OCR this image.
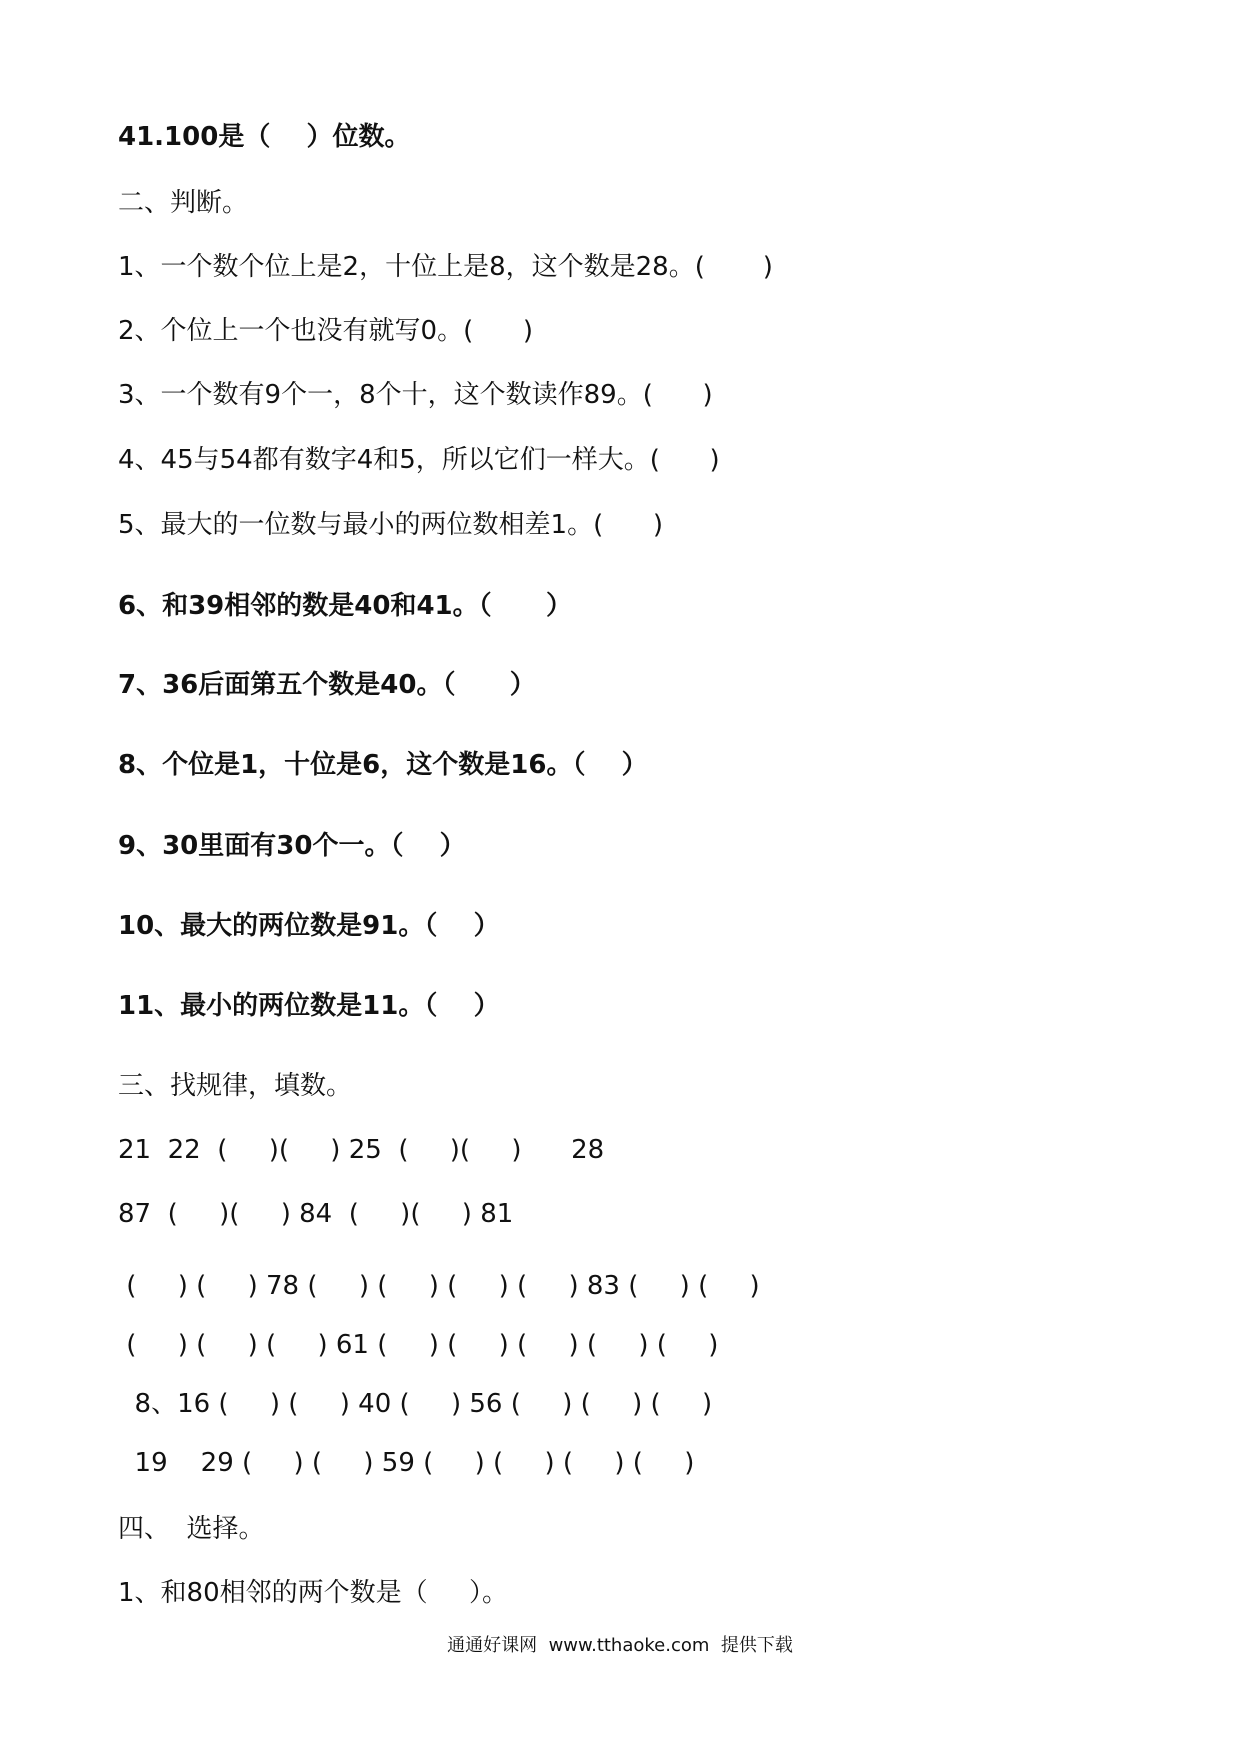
41.100是（    ）位数。
二、判断。
1、一个数个位上是2，十位上是8，这个数是28。(       )
2、个位上一个也没有就写0。(      )
3、一个数有9个一，8个十，这个数读作89。(      )
4、45与54都有数字4和5，所以它们一样大。(      )
5、最大的一位数与最小的两位数相差1。(      )
6、和39相邻的数是40和41。（      ）
7、36后面第五个数是40。（      ）
8、个位是1，十位是6，这个数是16。（    ）
9、30里面有30个一。（    ）
10、最大的两位数是91。（    ）
11、最小的两位数是11。（    ）
三、找规律，填数。
21  22  (     )(     ) 25  (     )(     )      28
87  (     )(     ) 84  (     )(     ) 81
(     ) (     ) 78 (     ) (     ) (     ) (     ) 83 (     ) (     )
(     ) (     ) (     ) 61 (     ) (     ) (     ) (     ) (     )
8、16 (     ) (     ) 40 (     ) 56 (     ) (     ) (     )
19    29 (     ) (     ) 59 (     ) (     ) (     ) (     )
四、  选择。
1、和80相邻的两个数是（     ）。
通通好课网  www.tthaoke.com  提供下载
